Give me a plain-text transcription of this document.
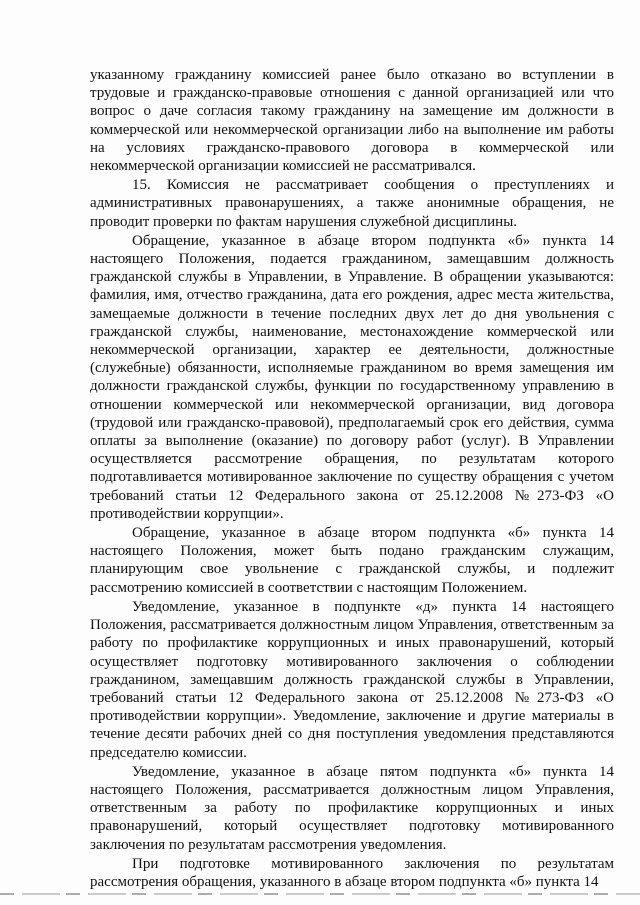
указанному гражданину комиссией ранее было отказано во вступлении в трудовые и гражданско-правовые отношения с данной организацией или что вопрос о даче согласия такому гражданину на замещение им должности в коммерческой или некоммерческой организации либо на выполнение им работы на условиях гражданско-правового договора в коммерческой или некоммерческой организации комиссией не рассматривался.

15. Комиссия не рассматривает сообщения о преступлениях и административных правонарушениях, а также анонимные обращения, не проводит проверки по фактам нарушения служебной дисциплины.

Обращение, указанное в абзаце втором подпункта «б» пункта 14 настоящего Положения, подается гражданином, замещавшим должность гражданской службы в Управлении, в Управление. В обращении указываются: фамилия, имя, отчество гражданина, дата его рождения, адрес места жительства, замещаемые должности в течение последних двух лет до дня увольнения с гражданской службы, наименование, местонахождение коммерческой или некоммерческой организации, характер ее деятельности, должностные (служебные) обязанности, исполняемые гражданином во время замещения им должности гражданской службы, функции по государственному управлению в отношении коммерческой или некоммерческой организации, вид договора (трудовой или гражданско-правовой), предполагаемый срок его действия, сумма оплаты за выполнение (оказание) по договору работ (услуг). В Управлении осуществляется рассмотрение обращения, по результатам которого подготавливается мотивированное заключение по существу обращения с учетом требований статьи 12 Федерального закона от 25.12.2008 №273-ФЗ «О противодействии коррупции».

Обращение, указанное в абзаце втором подпункта «б» пункта 14 настоящего Положения, может быть подано гражданским служащим, планирующим свое увольнение с гражданской службы, и подлежит рассмотрению комиссией в соответствии с настоящим Положением.

Уведомление, указанное в подпункте «д» пункта 14 настоящего Положения, рассматривается должностным лицом Управления, ответственным за работу по профилактике коррупционных и иных правонарушений, который осуществляет подготовку мотивированного заключения о соблюдении гражданином, замещавшим должность гражданской службы в Управлении, требований статьи 12 Федерального закона от 25.12.2008 №273-ФЗ «О противодействии коррупции». Уведомление, заключение и другие материалы в течение десяти рабочих дней со дня поступления уведомления представляются председателю комиссии.

Уведомление, указанное в абзаце пятом подпункта «б» пункта 14 настоящего Положения, рассматривается должностным лицом Управления, ответственным за работу по профилактике коррупционных и иных правонарушений, который осуществляет подготовку мотивированного заключения по результатам рассмотрения уведомления.

При подготовке мотивированного заключения по результатам рассмотрения обращения, указанного в абзаце втором подпункта «б» пункта 14
